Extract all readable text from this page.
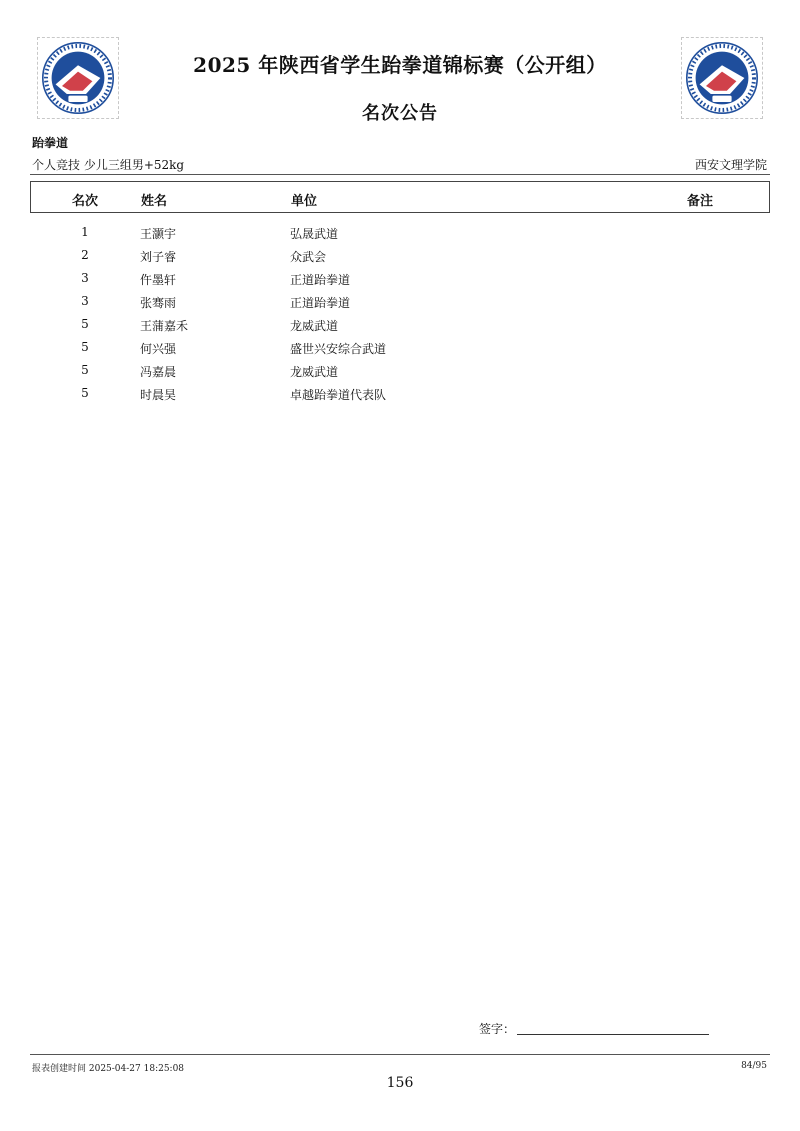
2025 年陕西省学生跆拳道锦标赛（公开组）
名次公告
跆拳道
个人竞技 少儿三组男+52kg	西安文理学院
名次	姓名	单位	备注
1	王灏宇	弘晟武道
2	刘子睿	众武会
3	仵墨轩	正道跆拳道
3	张骞雨	正道跆拳道
5	王蒲嘉禾	龙威武道
5	何兴强	盛世兴安综合武道
5	冯嘉晨	龙威武道
5	时晨昊	卓越跆拳道代表队
签字：
报表创建时间 2025-04-27 18:25:08	84/95
156
